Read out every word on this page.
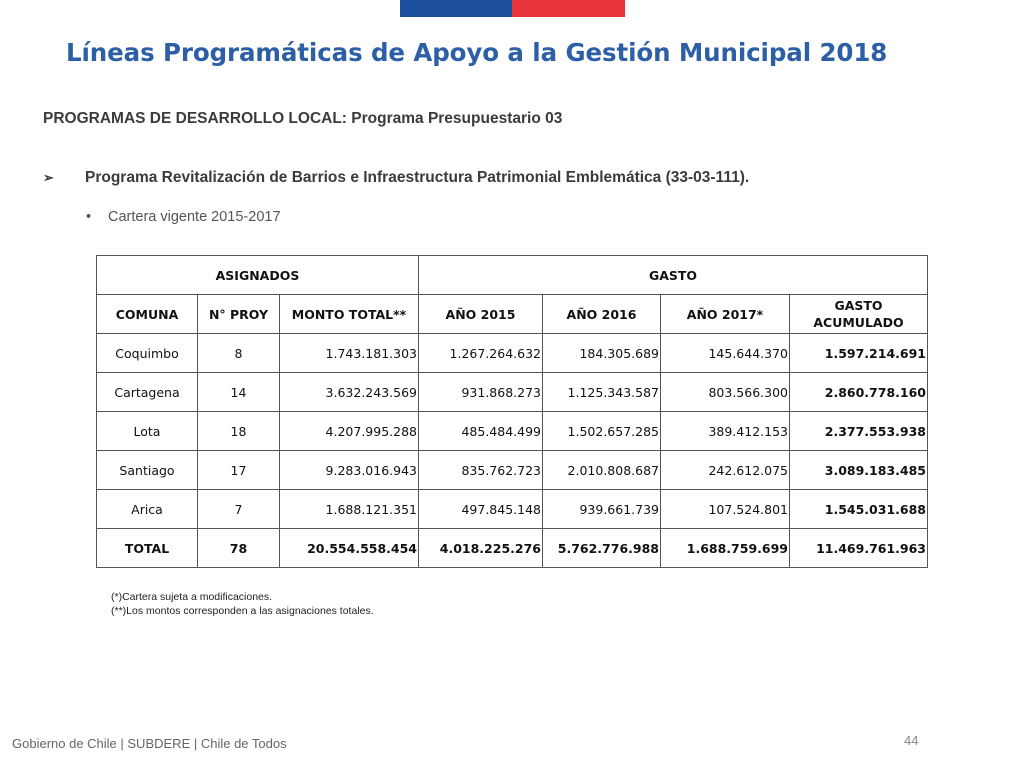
Líneas Programáticas de Apoyo a la Gestión Municipal 2018
PROGRAMAS DE DESARROLLO LOCAL: Programa Presupuestario 03
➢ Programa Revitalización de Barrios e Infraestructura Patrimonial Emblemática (33-03-111).
• Cartera vigente 2015-2017
ASIGNADOS			GASTO			
COMUNA	N° PROY	MONTO TOTAL**	AÑO 2015	AÑO 2016	AÑO 2017*	GASTO ACUMULADO
Coquimbo	8	1.743.181.303	1.267.264.632	184.305.689	145.644.370	1.597.214.691
Cartagena	14	3.632.243.569	931.868.273	1.125.343.587	803.566.300	2.860.778.160
Lota	18	4.207.995.288	485.484.499	1.502.657.285	389.412.153	2.377.553.938
Santiago	17	9.283.016.943	835.762.723	2.010.808.687	242.612.075	3.089.183.485
Arica	7	1.688.121.351	497.845.148	939.661.739	107.524.801	1.545.031.688
TOTAL	78	20.554.558.454	4.018.225.276	5.762.776.988	1.688.759.699	11.469.761.963
(*)Cartera sujeta a modificaciones.
(**)Los montos corresponden a las asignaciones totales.
Gobierno de Chile | SUBDERE | Chile de Todos	44
